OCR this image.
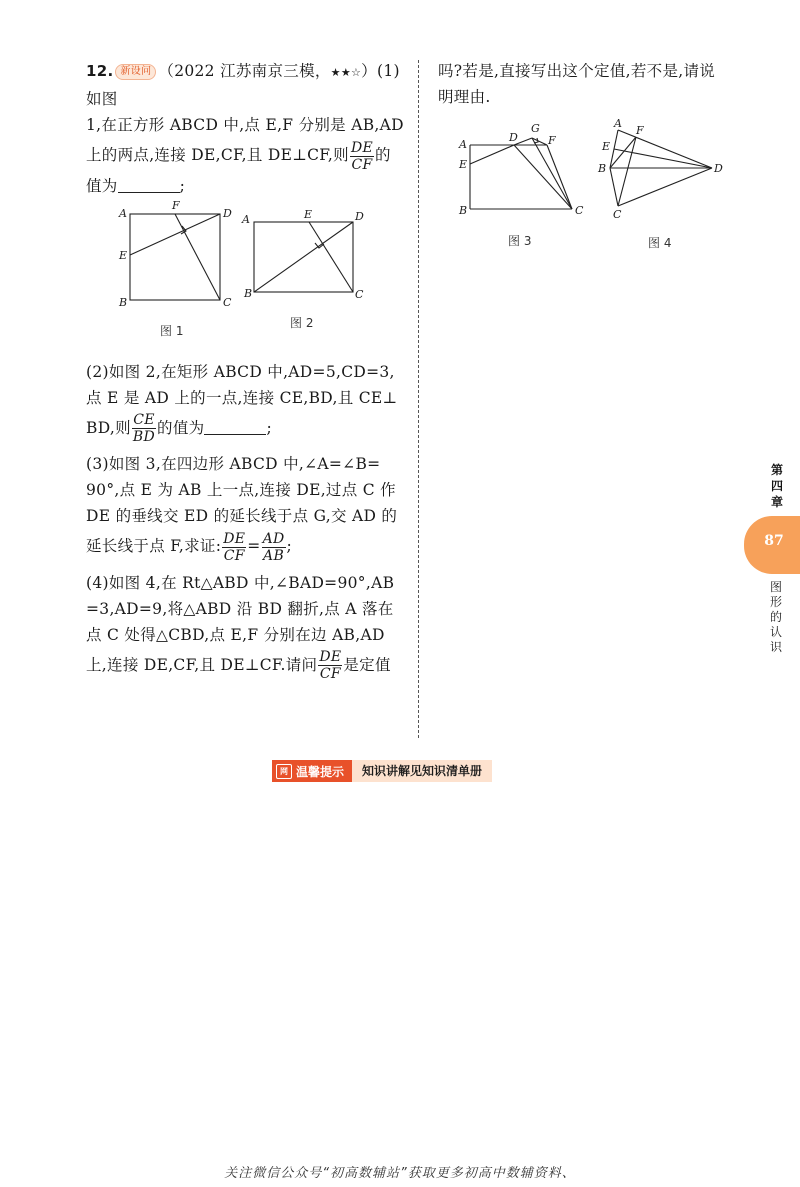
12. 新设问 （2022 江苏南京三模，★★☆）(1)如图
1,在正方形 ABCD 中,点 E,F 分别是 AB,AD
上的两点,连接 DE,CF,且 DE⊥CF,则 $\frac{DE}{CF}$ 的
值为	;

(2)如图 2,在矩形 ABCD 中,AD=5,CD=3,
点 E 是 AD 上的一点,连接 CE,BD,且 CE⊥
BD,则 $\frac{CE}{BD}$ 的值为	;

(3)如图 3,在四边形 ABCD 中,∠A=∠B=
90°,点 E 为 AB 上一点,连接 DE,过点 C 作
DE 的垂线交 ED 的延长线于点 G,交 AD 的
延长线于点 F,求证: $\frac{DE}{CF} = \frac{AD}{AB}$ ;

(4)如图 4,在 Rt△ABD 中,∠BAD=90°,AB
=3,AD=9,将△ABD 沿 BD 翻折,点 A 落在
点 C 处得△CBD,点 E,F 分别在边 AB,AD
上,连接 DE,CF,且 DE⊥CF.请问 $\frac{DE}{CF}$ 是定值

A
F
D
E
B	C
图 1
A	E	D
B	C
图 2
吗?若是,直接写出这个定值,若不是,请说
明理由.
A
D
G
F
E
B	C
图 3
A
F
E
B	D
C
图 4
网 温馨提示	知识讲解见知识清单册
第四章
87
图形的认识
关注微信公众号“初高数辅站”获取更多初高中数辅资料、
